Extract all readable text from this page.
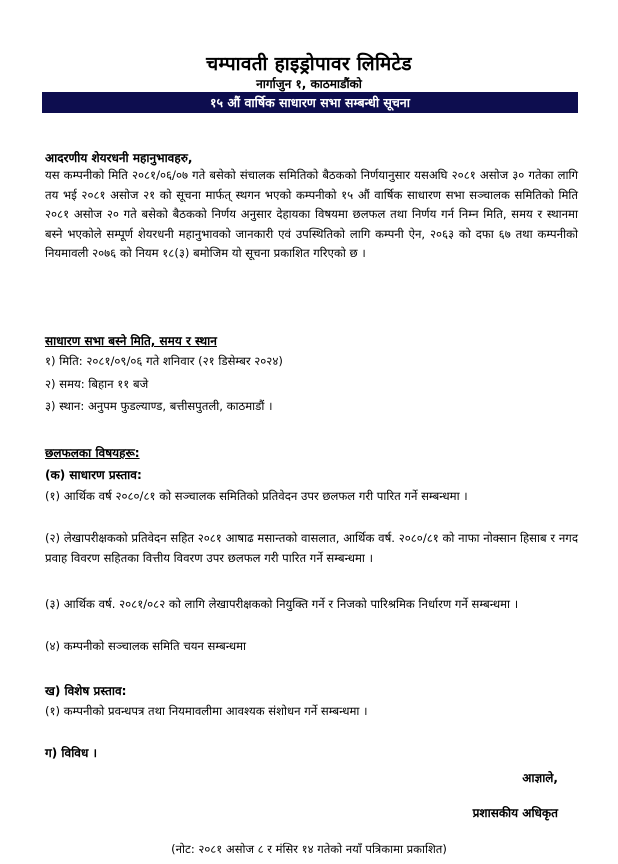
चम्पावती हाइड्रोपावर लिमिटेड
नार्गाजुन १, काठमाडौंको
१५ औं वार्षिक साधारण सभा सम्बन्धी सूचना
आदरणीय शेयरधनी महानुभावहरु,

यस कम्पनीको मिति २०८१/०६/०७ गते बसेको संचालक समितिको बैठकको निर्णयानुसार यसअघि २०८१ असोज ३० गतेका लागि तय भई २०८१ असोज २१ को सूचना मार्फत् स्थगन भएको कम्पनीको १५ औं वार्षिक साधारण सभा सञ्चालक समितिको मिति २०८१ असोज २० गते बसेको बैठकको निर्णय अनुसार देहायका विषयमा छलफल तथा निर्णय गर्न निम्न मिति, समय र स्थानमा बस्ने भएकोले सम्पूर्ण शेयरधनी महानुभावको जानकारी एवं उपस्थितिको लागि कम्पनी ऐन, २०६३ को दफा ६७ तथा कम्पनीको नियमावली २०७६ को नियम १८(३) बमोजिम यो सूचना प्रकाशित गरिएको छ ।

साधारण सभा बस्ने मिति, समय र स्थान
१) मिति: २०८१/०९/०६ गते शनिवार (२१ डिसेम्बर २०२४)
२) समय: बिहान ११ बजे
३) स्थान: अनुपम फुडल्याण्ड, बत्तीसपुतली, काठमाडौं ।
छलफलका विषयहरू:
(क) साधारण प्रस्ताव:

(१) आर्थिक वर्ष २०८०/८१ को सञ्चालक समितिको प्रतिवेदन उपर छलफल गरी पारित गर्ने सम्बन्धमा ।

(२) लेखापरीक्षकको प्रतिवेदन सहित २०८१ आषाढ मसान्तको वासलात, आर्थिक वर्ष. २०८०/८१ को नाफा नोक्सान हिसाब र नगद प्रवाह विवरण सहितका वित्तीय विवरण उपर छलफल गरी पारित गर्ने सम्बन्धमा ।

(३) आर्थिक वर्ष. २०८१/०८२ को लागि लेखापरीक्षकको नियुक्ति गर्ने र निजको पारिश्रमिक निर्धारण गर्ने सम्बन्धमा ।

(४) कम्पनीको सञ्चालक समिति चयन सम्बन्धमा

ख) विशेष प्रस्ताव:
(१) कम्पनीको प्रवन्धपत्र तथा नियमावलीमा आवश्यक संशोधन गर्ने सम्बन्धमा ।
ग) विविध ।
आज्ञाले,
प्रशासकीय अधिकृत
(नोट: २०८१ असोज ८ र मंसिर १४ गतेको नयाँ पत्रिकामा प्रकाशित)
